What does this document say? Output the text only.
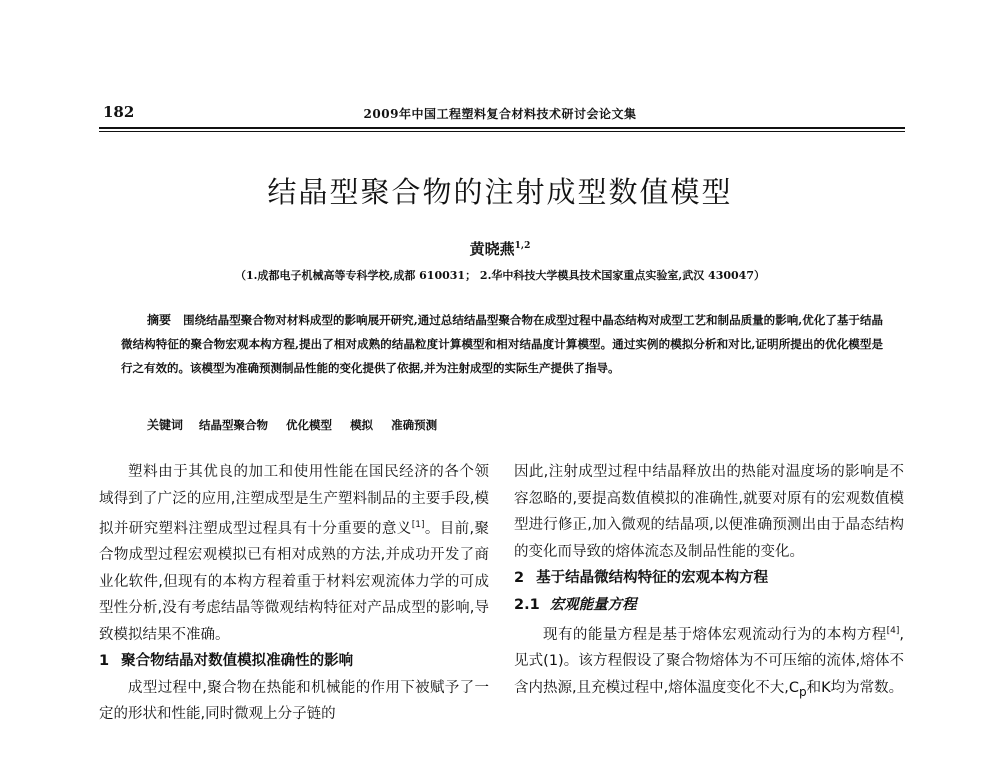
182	2009年中国工程塑料复合材料技术研讨会论文集
结晶型聚合物的注射成型数值模型
黄晓燕$^{1,2}$
（1.成都电子机械高等专科学校,成都 610031； 2.华中科技大学模具技术国家重点实验室,武汉 430047）
摘要 围绕结晶型聚合物对材料成型的影响展开研究,通过总结结晶型聚合物在成型过程中晶态结构对成型工艺和制品质量的影响,优化了基于结晶微结构特征的聚合物宏观本构方程,提出了相对成熟的结晶粒度计算模型和相对结晶度计算模型。通过实例的模拟分析和对比,证明所提出的优化模型是行之有效的。该模型为准确预测制品性能的变化提供了依据,并为注射成型的实际生产提供了指导。
关键词 结晶型聚合物 优化模型 模拟 准确预测

塑料由于其优良的加工和使用性能在国民经济的各个领域得到了广泛的应用,注塑成型是生产塑料制品的主要手段,模拟并研究塑料注塑成型过程具有十分重要的意义[1]。目前,聚合物成型过程宏观模拟已有相对成熟的方法,并成功开发了商业化软件,但现有的本构方程着重于材料宏观流体力学的可成型性分析,没有考虑结晶等微观结构特征对产品成型的影响,导致模拟结果不准确。

1 聚合物结晶对数值模拟准确性的影响

成型过程中,聚合物在热能和机械能的作用下被赋予了一定的形状和性能,同时微观上分子链的

因此,注射成型过程中结晶释放出的热能对温度场的影响是不容忽略的,要提高数值模拟的准确性,就要对原有的宏观数值模型进行修正,加入微观的结晶项,以便准确预测出由于晶态结构的变化而导致的熔体流态及制品性能的变化。

2 基于结晶微结构特征的宏观本构方程

2.1 宏观能量方程

现有的能量方程是基于熔体宏观流动行为的本构方程[4],见式(1)。该方程假设了聚合物熔体为不可压缩的流体,熔体不含内热源,且充模过程中,熔体温度变化不大$,C_p$和K均为常数。
